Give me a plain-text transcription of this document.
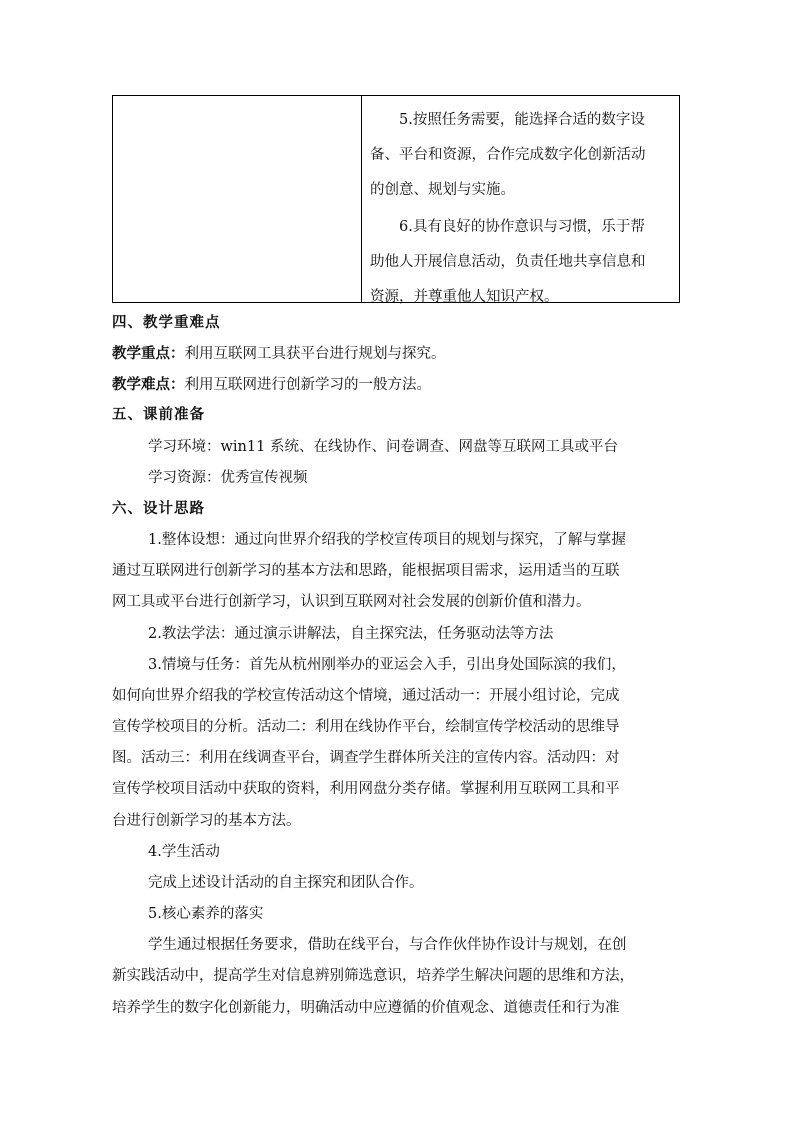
5.按照任务需要，能选择合适的数字设

备、平台和资源，合作完成数字化创新活动

的创意、规划与实施。

6.具有良好的协作意识与习惯，乐于帮

助他人开展信息活动，负责任地共享信息和

资源，并尊重他人知识产权。

四、教学重难点
教学重点：利用互联网工具获平台进行规划与探究。
教学难点：利用互联网进行创新学习的一般方法。
五、课前准备
学习环境：win11 系统、在线协作、问卷调查、网盘等互联网工具或平台
学习资源：优秀宣传视频
六、设计思路
1.整体设想：通过向世界介绍我的学校宣传项目的规划与探究，了解与掌握
通过互联网进行创新学习的基本方法和思路，能根据项目需求，运用适当的互联
网工具或平台进行创新学习，认识到互联网对社会发展的创新价值和潜力。
2.教法学法：通过演示讲解法，自主探究法，任务驱动法等方法
3.情境与任务：首先从杭州刚举办的亚运会入手，引出身处国际滨的我们，
如何向世界介绍我的学校宣传活动这个情境，通过活动一：开展小组讨论，完成
宣传学校项目的分析。活动二：利用在线协作平台，绘制宣传学校活动的思维导
图。活动三：利用在线调查平台，调查学生群体所关注的宣传内容。活动四：对
宣传学校项目活动中获取的资料，利用网盘分类存储。掌握利用互联网工具和平
台进行创新学习的基本方法。
4.学生活动
完成上述设计活动的自主探究和团队合作。
5.核心素养的落实
学生通过根据任务要求，借助在线平台，与合作伙伴协作设计与规划，在创
新实践活动中，提高学生对信息辨别筛选意识，培养学生解决问题的思维和方法，
培养学生的数字化创新能力，明确活动中应遵循的价值观念、道德责任和行为准
